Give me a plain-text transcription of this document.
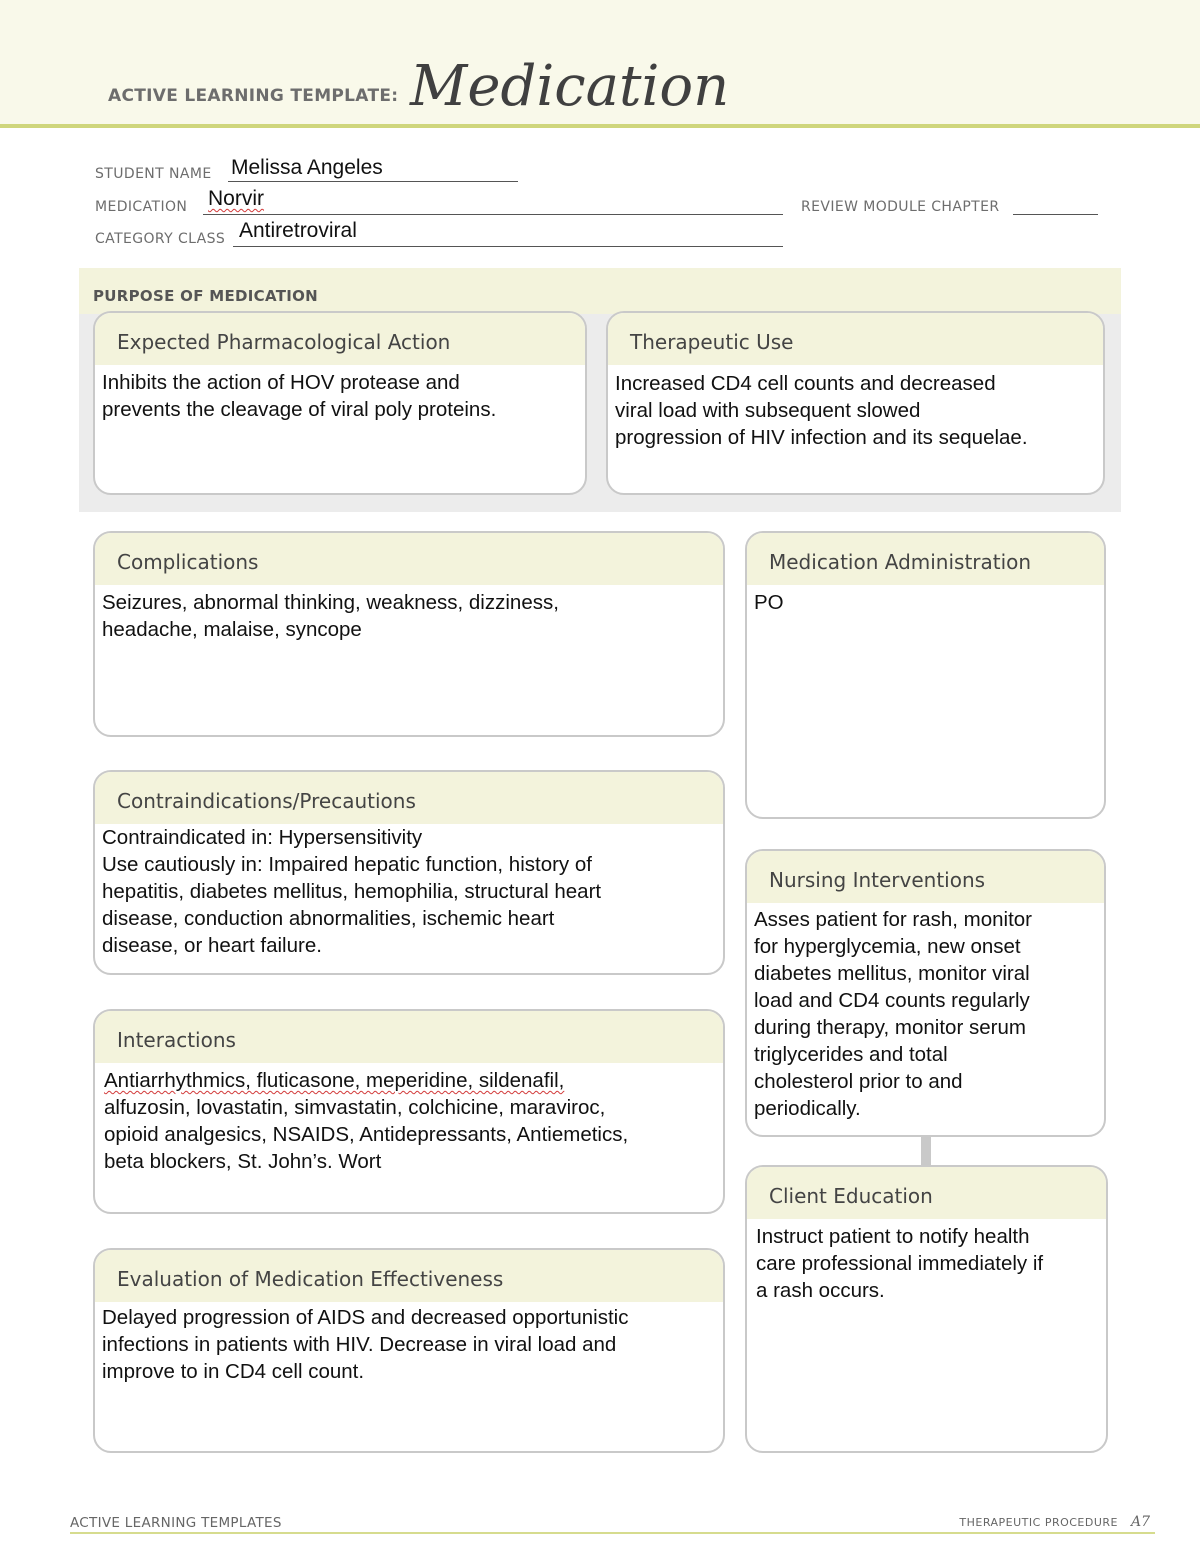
ACTIVE LEARNING TEMPLATE: Medication
STUDENT NAME Melissa Angeles
MEDICATION Norvir	REVIEW MODULE CHAPTER
CATEGORY CLASS Antiretroviral
PURPOSE OF MEDICATION
Expected Pharmacological Action
Inhibits the action of HOV protease and
prevents the cleavage of viral poly proteins.
Therapeutic Use
Increased CD4 cell counts and decreased
viral load with subsequent slowed
progression of HIV infection and its sequelae.
Complications
Seizures, abnormal thinking, weakness, dizziness,
headache, malaise, syncope
Medication Administration
PO
Contraindications/Precautions
Contraindicated in: Hypersensitivity
Use cautiously in: Impaired hepatic function, history of
hepatitis, diabetes mellitus, hemophilia, structural heart
disease, conduction abnormalities, ischemic heart
disease, or heart failure.
Nursing Interventions
Asses patient for rash, monitor
for hyperglycemia, new onset
diabetes mellitus, monitor viral
load and CD4 counts regularly
during therapy, monitor serum
triglycerides and total
cholesterol prior to and
periodically.
Interactions
Antiarrhythmics, fluticasone, meperidine, sildenafil,
alfuzosin, lovastatin, simvastatin, colchicine, maraviroc,
opioid analgesics, NSAIDS, Antidepressants, Antiemetics,
beta blockers, St. John’s. Wort
Client Education
Instruct patient to notify health
care professional immediately if
a rash occurs.
Evaluation of Medication Effectiveness
Delayed progression of AIDS and decreased opportunistic
infections in patients with HIV. Decrease in viral load and
improve to in CD4 cell count.
ACTIVE LEARNING TEMPLATES	THERAPEUTIC PROCEDURE A7
